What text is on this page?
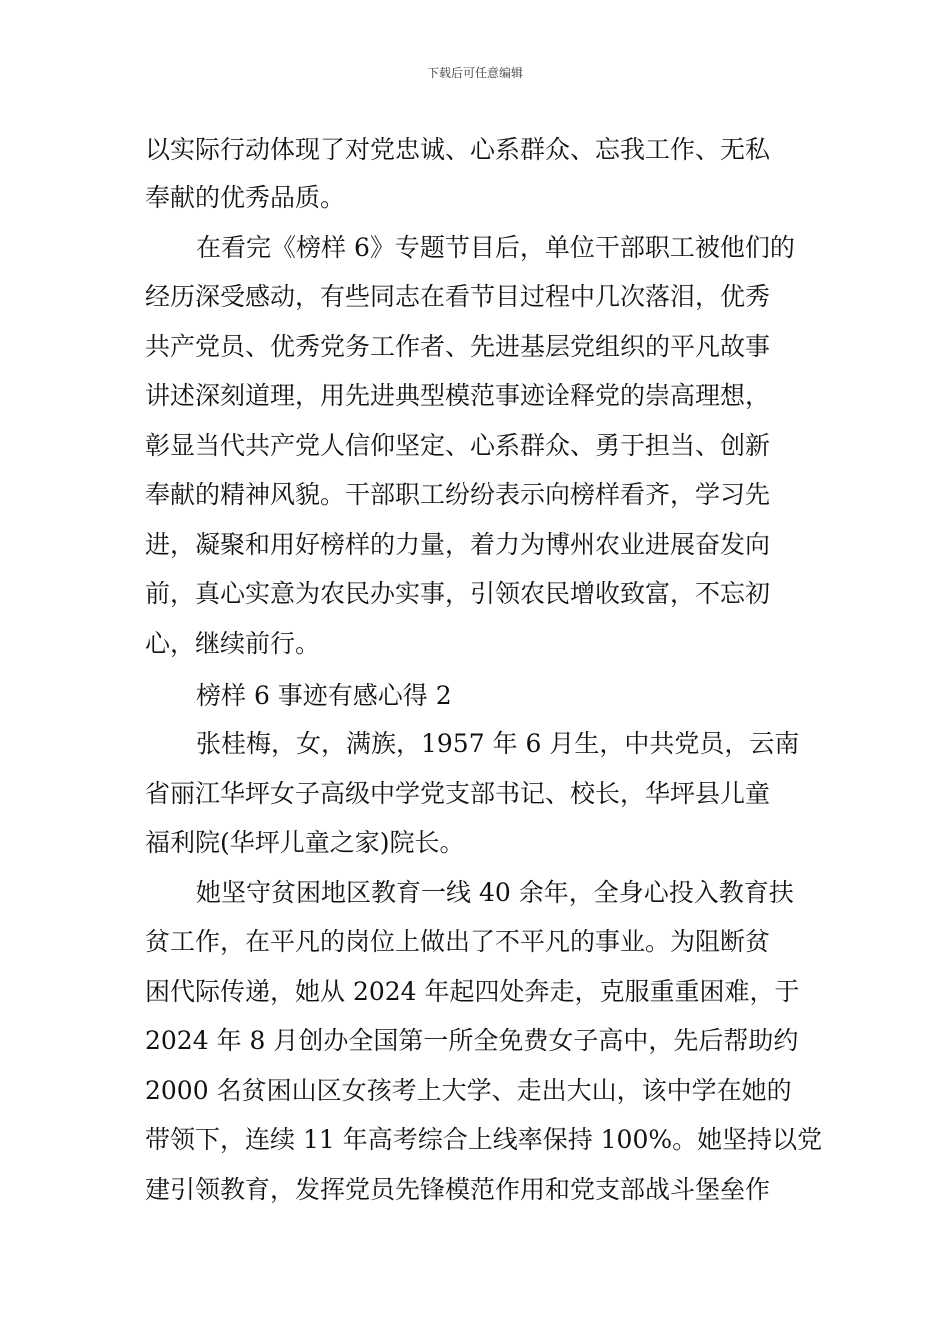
下载后可任意编辑
以实际行动体现了对党忠诚、心系群众、忘我工作、无私
奉献的优秀品质。
在看完《榜样 6》专题节目后，单位干部职工被他们的
经历深受感动，有些同志在看节目过程中几次落泪，优秀
共产党员、优秀党务工作者、先进基层党组织的平凡故事
讲述深刻道理，用先进典型模范事迹诠释党的崇高理想，
彰显当代共产党人信仰坚定、心系群众、勇于担当、创新
奉献的精神风貌。干部职工纷纷表示向榜样看齐，学习先
进，凝聚和用好榜样的力量，着力为博州农业进展奋发向
前，真心实意为农民办实事，引领农民增收致富，不忘初
心，继续前行。
榜样 6 事迹有感心得 2
张桂梅，女，满族，1957 年 6 月生，中共党员，云南
省丽江华坪女子高级中学党支部书记、校长，华坪县儿童
福利院(华坪儿童之家)院长。
她坚守贫困地区教育一线 40 余年，全身心投入教育扶
贫工作，在平凡的岗位上做出了不平凡的事业。为阻断贫
困代际传递，她从 2024 年起四处奔走，克服重重困难，于
2024 年 8 月创办全国第一所全免费女子高中，先后帮助约
2000 名贫困山区女孩考上大学、走出大山，该中学在她的
带领下，连续 11 年高考综合上线率保持 100%。她坚持以党
建引领教育，发挥党员先锋模范作用和党支部战斗堡垒作
